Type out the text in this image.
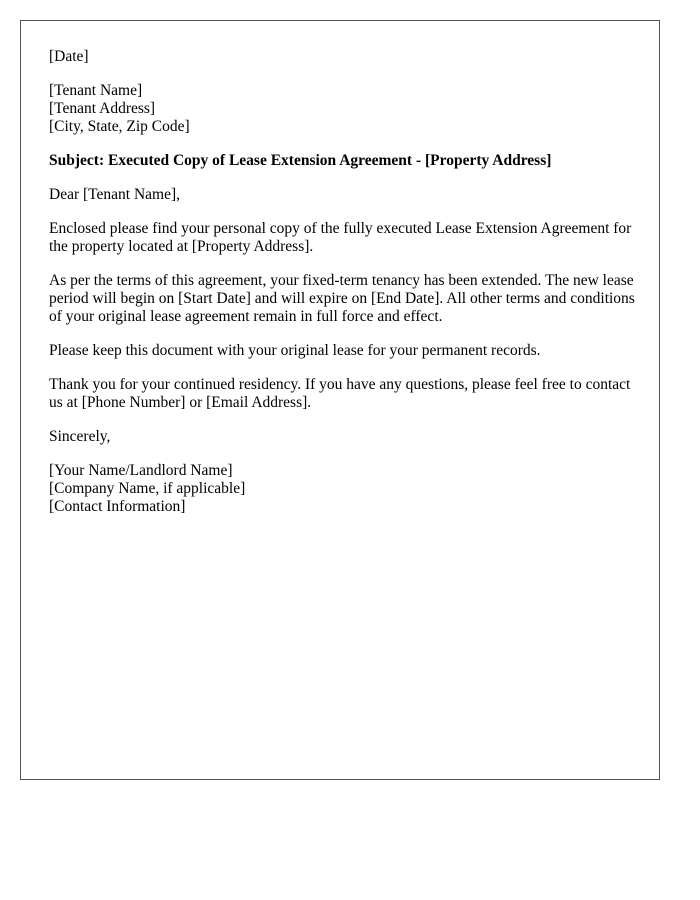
[Date]

[Tenant Name]
[Tenant Address]
[City, State, Zip Code]

Subject: Executed Copy of Lease Extension Agreement - [Property Address]

Dear [Tenant Name],

Enclosed please find your personal copy of the fully executed Lease Extension Agreement for the property located at [Property Address].

As per the terms of this agreement, your fixed-term tenancy has been extended. The new lease period will begin on [Start Date] and will expire on [End Date]. All other terms and conditions of your original lease agreement remain in full force and effect.

Please keep this document with your original lease for your permanent records.

Thank you for your continued residency. If you have any questions, please feel free to contact us at [Phone Number] or [Email Address].

Sincerely,

[Your Name/Landlord Name]
[Company Name, if applicable]
[Contact Information]
